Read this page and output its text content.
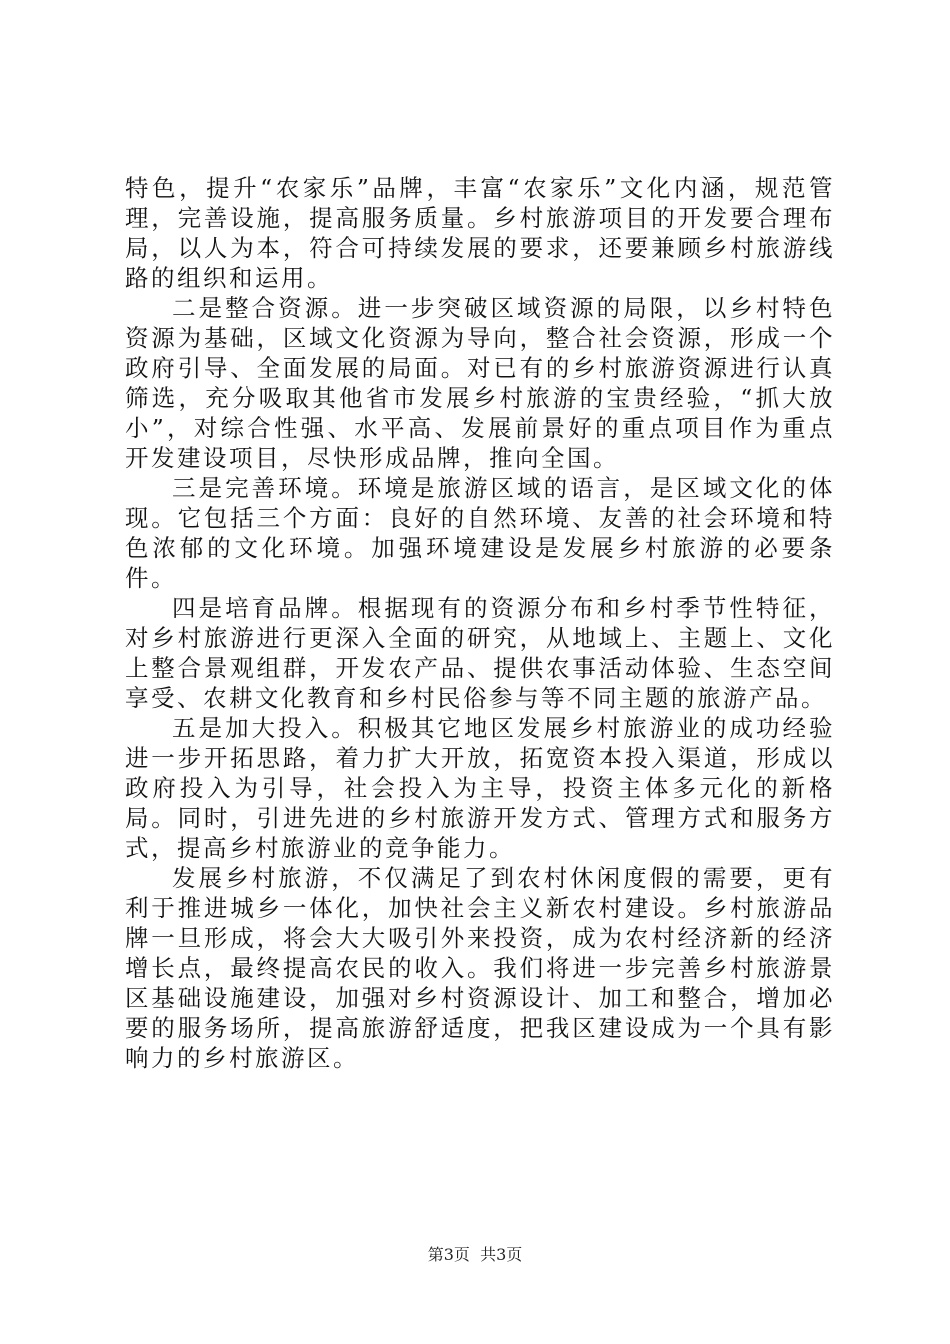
特色，提升“农家乐”品牌，丰富“农家乐”文化内涵，规范管理，完善设施，提高服务质量。乡村旅游项目的开发要合理布局，以人为本，符合可持续发展的要求，还要兼顾乡村旅游线路的组织和运用。

二是整合资源。进一步突破区域资源的局限，以乡村特色资源为基础，区域文化资源为导向，整合社会资源，形成一个政府引导、全面发展的局面。对已有的乡村旅游资源进行认真筛选，充分吸取其他省市发展乡村旅游的宝贵经验，“抓大放小”，对综合性强、水平高、发展前景好的重点项目作为重点开发建设项目，尽快形成品牌，推向全国。

三是完善环境。环境是旅游区域的语言，是区域文化的体现。它包括三个方面：良好的自然环境、友善的社会环境和特色浓郁的文化环境。加强环境建设是发展乡村旅游的必要条件。

四是培育品牌。根据现有的资源分布和乡村季节性特征，对乡村旅游进行更深入全面的研究，从地域上、主题上、文化上整合景观组群，开发农产品、提供农事活动体验、生态空间享受、农耕文化教育和乡村民俗参与等不同主题的旅游产品。

五是加大投入。积极其它地区发展乡村旅游业的成功经验进一步开拓思路，着力扩大开放，拓宽资本投入渠道，形成以政府投入为引导，社会投入为主导，投资主体多元化的新格局。同时，引进先进的乡村旅游开发方式、管理方式和服务方式，提高乡村旅游业的竞争能力。

发展乡村旅游，不仅满足了到农村休闲度假的需要，更有利于推进城乡一体化，加快社会主义新农村建设。乡村旅游品牌一旦形成，将会大大吸引外来投资，成为农村经济新的经济增长点，最终提高农民的收入。我们将进一步完善乡村旅游景区基础设施建设，加强对乡村资源设计、加工和整合，增加必要的服务场所，提高旅游舒适度，把我区建设成为一个具有影响力的乡村旅游区。

第3页  共3页
